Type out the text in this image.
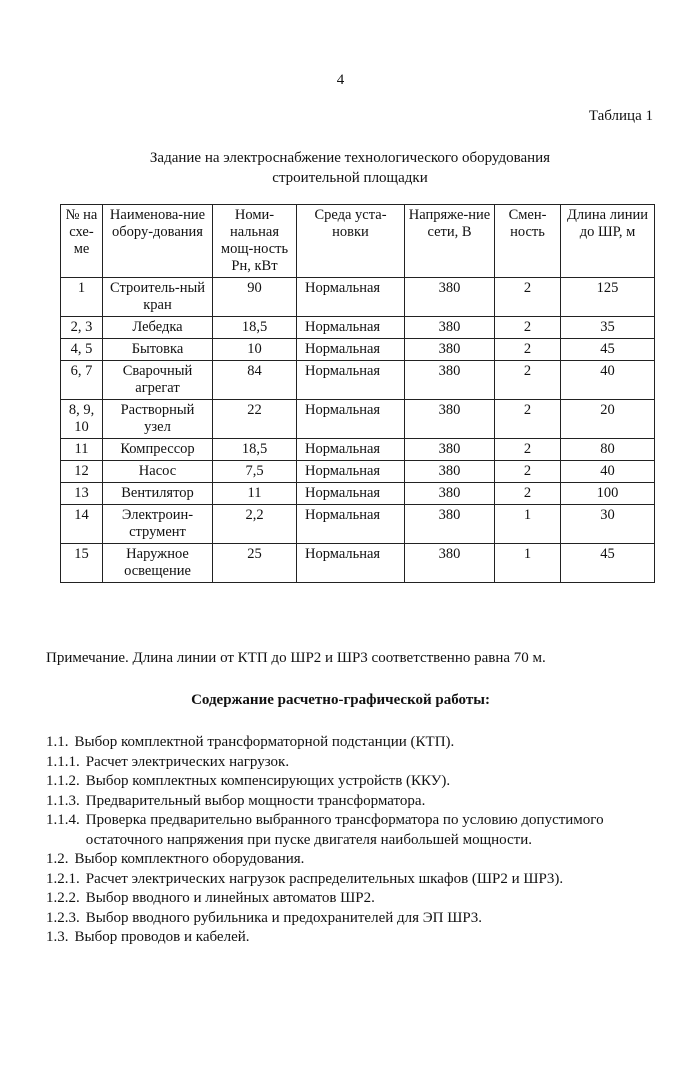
4
Таблица 1
Задание на электроснабжение технологического оборудования
строительной площадки
№ на схе-ме	Наименова-ние обору-дования	Номи-нальная мощ-ность Pн, кВт	Среда уста-новки	Напряже-ние сети, В	Смен-ность	Длина линии до ШР, м
1	Строитель-ный кран	90	Нормальная	380	2	125
2, 3	Лебедка	18,5	Нормальная	380	2	35
4, 5	Бытовка	10	Нормальная	380	2	45
6, 7	Сварочный агрегат	84	Нормальная	380	2	40
8, 9, 10	Растворный узел	22	Нормальная	380	2	20
11	Компрессор	18,5	Нормальная	380	2	80
12	Насос	7,5	Нормальная	380	2	40
13	Вентилятор	11	Нормальная	380	2	100
14	Электроин-струмент	2,2	Нормальная	380	1	30
15	Наружное освещение	25	Нормальная	380	1	45
Примечание. Длина линии от КТП до ШР2 и ШР3 соответственно равна 70 м.
Содержание расчетно-графической работы:
1.1. Выбор комплектной трансформаторной подстанции (КТП).
1.1.1. Расчет электрических нагрузок.
1.1.2. Выбор комплектных компенсирующих устройств (ККУ).
1.1.3. Предварительный выбор мощности трансформатора.
1.1.4. Проверка предварительно выбранного трансформатора по условию допустимого остаточного напряжения при пуске двигателя наибольшей мощности.
1.2. Выбор комплектного оборудования.
1.2.1. Расчет электрических нагрузок распределительных шкафов (ШР2 и ШР3).
1.2.2. Выбор вводного и линейных автоматов ШР2.
1.2.3. Выбор вводного рубильника и предохранителей для ЭП ШР3.
1.3. Выбор проводов и кабелей.
